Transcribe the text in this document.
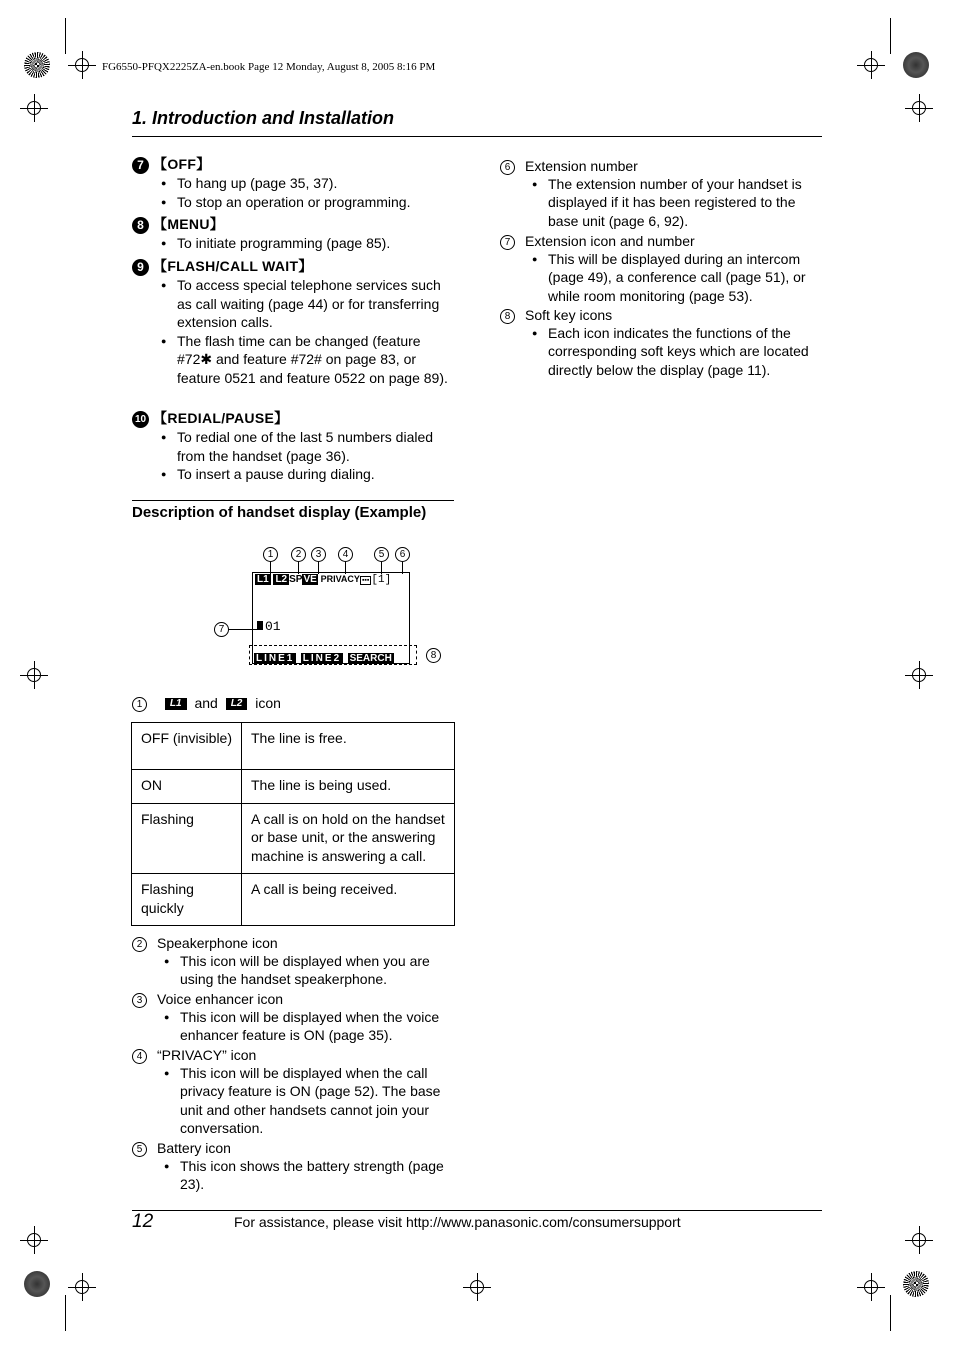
FG6550-PFQX2225ZA-en.book Page 12 Monday, August 8, 2005 8:16 PM
1. Introduction and Installation
7 【OFF】
● To hang up (page 35, 37).
● To stop an operation or programming.
8 【MENU】
● To initiate programming (page 85).
9 【FLASH/CALL WAIT】
● To access special telephone services such as call waiting (page 44) or for transferring extension calls.
● The flash time can be changed (feature #72✱ and feature #72# on page 83, or feature 0521 and feature 0522 on page 89).
10 【REDIAL/PAUSE】
● To redial one of the last 5 numbers dialed from the handset (page 36).
● To insert a pause during dialing.
Description of handset display (Example)
1	2	3	4	5	6
7
8
L1 L2 SPVE PRIVACY ▪▪▪ [1]
01
LINE1 LINE2 SEARCH
1	L1 and L2 icon
OFF (invisible)	The line is free.
ON	The line is being used.
Flashing	A call is on hold on the handset or base unit, or the answering machine is answering a call.
Flashing quickly	A call is being received.
2 Speakerphone icon
● This icon will be displayed when you are using the handset speakerphone.
3 Voice enhancer icon
● This icon will be displayed when the voice enhancer feature is ON (page 35).
4 “PRIVACY” icon
● This icon will be displayed when the call privacy feature is ON (page 52). The base unit and other handsets cannot join your conversation.
5 Battery icon
● This icon shows the battery strength (page 23).
6 Extension number
● The extension number of your handset is displayed if it has been registered to the base unit (page 6, 92).
7 Extension icon and number
● This will be displayed during an intercom (page 49), a conference call (page 51), or while room monitoring (page 53).
8 Soft key icons
● Each icon indicates the functions of the corresponding soft keys which are located directly below the display (page 11).
12	For assistance, please visit http://www.panasonic.com/consumersupport
